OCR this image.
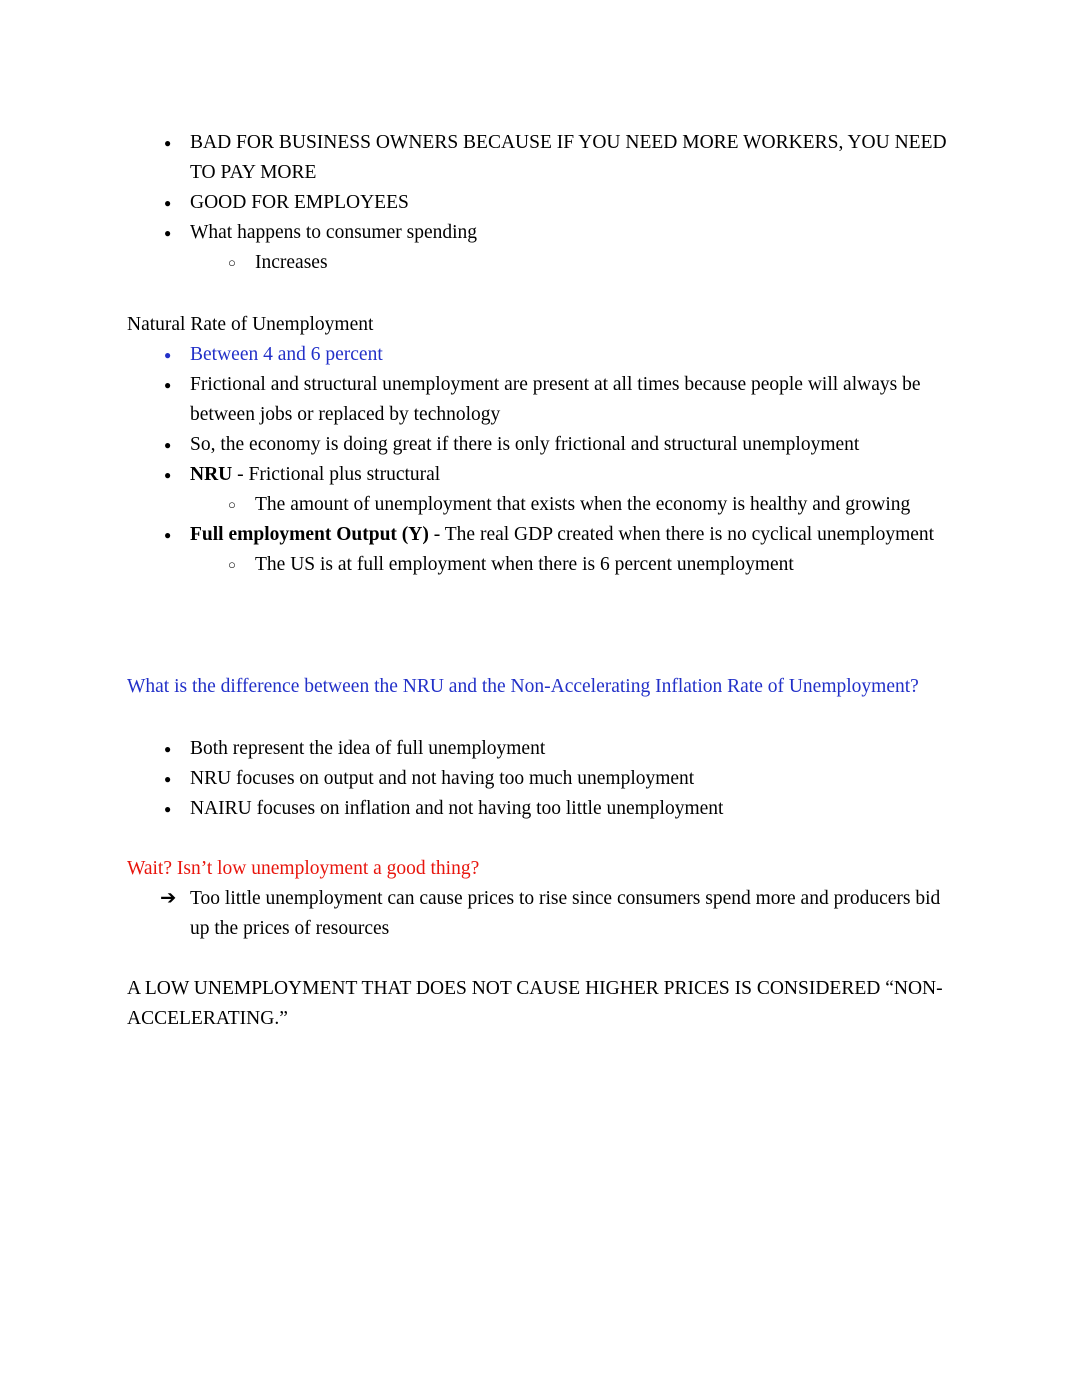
● BAD FOR BUSINESS OWNERS BECAUSE IF YOU NEED MORE WORKERS, YOU NEED TO PAY MORE
● GOOD FOR EMPLOYEES
● What happens to consumer spending
○ Increases

Natural Rate of Unemployment

● Between 4 and 6 percent
● Frictional and structural unemployment are present at all times because people will always be between jobs or replaced by technology
● So, the economy is doing great if there is only frictional and structural unemployment
● NRU - Frictional plus structural
○ The amount of unemployment that exists when the economy is healthy and growing
● Full employment Output (Y) - The real GDP created when there is no cyclical unemployment
○ The US is at full employment when there is 6 percent unemployment

What is the difference between the NRU and the Non-Accelerating Inflation Rate of Unemployment?

● Both represent the idea of full unemployment
● NRU focuses on output and not having too much unemployment
● NAIRU focuses on inflation and not having too little unemployment

Wait? Isn’t low unemployment a good thing?

➔ Too little unemployment can cause prices to rise since consumers spend more and producers bid up the prices of resources

A LOW UNEMPLOYMENT THAT DOES NOT CAUSE HIGHER PRICES IS CONSIDERED “NON-ACCELERATING.”
